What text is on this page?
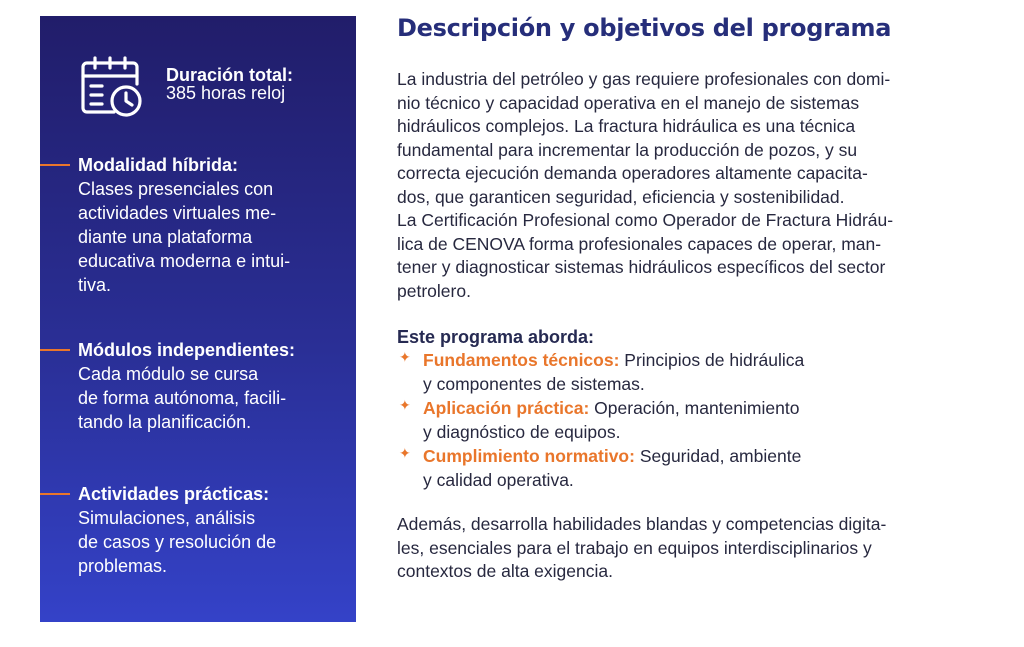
Duración total:
385 horas reloj
Modalidad híbrida:
Clases presenciales con
actividades virtuales me-
diante una plataforma
educativa moderna e intui-
tiva.
Módulos independientes:
Cada módulo se cursa
de forma autónoma, facili-
tando la planificación.
Actividades prácticas:
Simulaciones, análisis
de casos y resolución de
problemas.
Descripción y objetivos del programa
La industria del petróleo y gas requiere profesionales con domi-
nio técnico y capacidad operativa en el manejo de sistemas
hidráulicos complejos. La fractura hidráulica es una técnica
fundamental para incrementar la producción de pozos, y su
correcta ejecución demanda operadores altamente capacita-
dos, que garanticen seguridad, eficiencia y sostenibilidad.
La Certificación Profesional como Operador de Fractura Hidráu-
lica de CENOVA forma profesionales capaces de operar, man-
tener y diagnosticar sistemas hidráulicos específicos del sector
petrolero.
Este programa aborda:
✦ Fundamentos técnicos: Principios de hidráulica
y componentes de sistemas.
✦ Aplicación práctica: Operación, mantenimiento
y diagnóstico de equipos.
✦ Cumplimiento normativo: Seguridad, ambiente
y calidad operativa.
Además, desarrolla habilidades blandas y competencias digita-
les, esenciales para el trabajo en equipos interdisciplinarios y
contextos de alta exigencia.
